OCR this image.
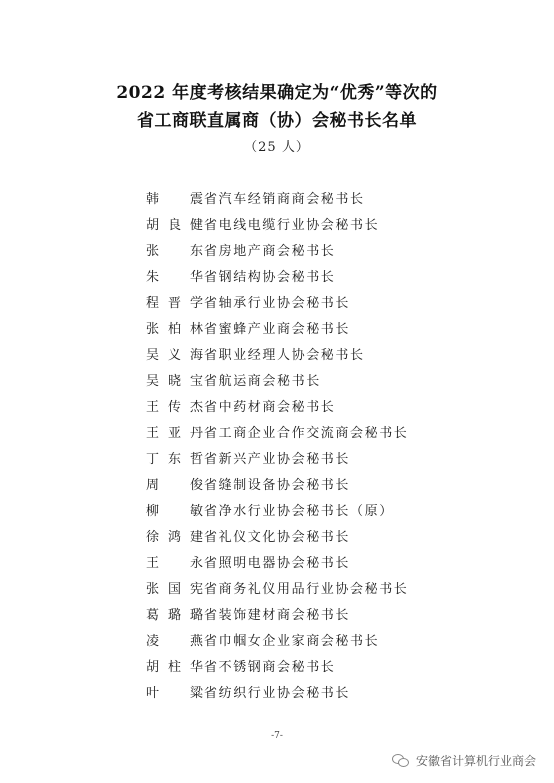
2022 年度考核结果确定为“优秀”等次的
省工商联直属商（协）会秘书长名单
（25 人）
韩 震 省汽车经销商商会秘书长
胡良健 省电线电缆行业协会秘书长
张 东 省房地产商会秘书长
朱 华 省钢结构协会秘书长
程晋学 省轴承行业协会秘书长
张柏林 省蜜蜂产业商会秘书长
吴义海 省职业经理人协会秘书长
吴晓宝 省航运商会秘书长
王传杰 省中药材商会秘书长
王亚丹 省工商企业合作交流商会秘书长
丁东哲 省新兴产业协会秘书长
周 俊 省缝制设备协会秘书长
柳 敏 省净水行业协会秘书长（原）
徐鸿建 省礼仪文化协会秘书长
王 永 省照明电器协会秘书长
张国宪 省商务礼仪用品行业协会秘书长
葛璐璐 省装饰建材商会秘书长
凌 燕 省巾帼女企业家商会秘书长
胡柱华 省不锈钢商会秘书长
叶 粱 省纺织行业协会秘书长
-7-
安徽省计算机行业商会
